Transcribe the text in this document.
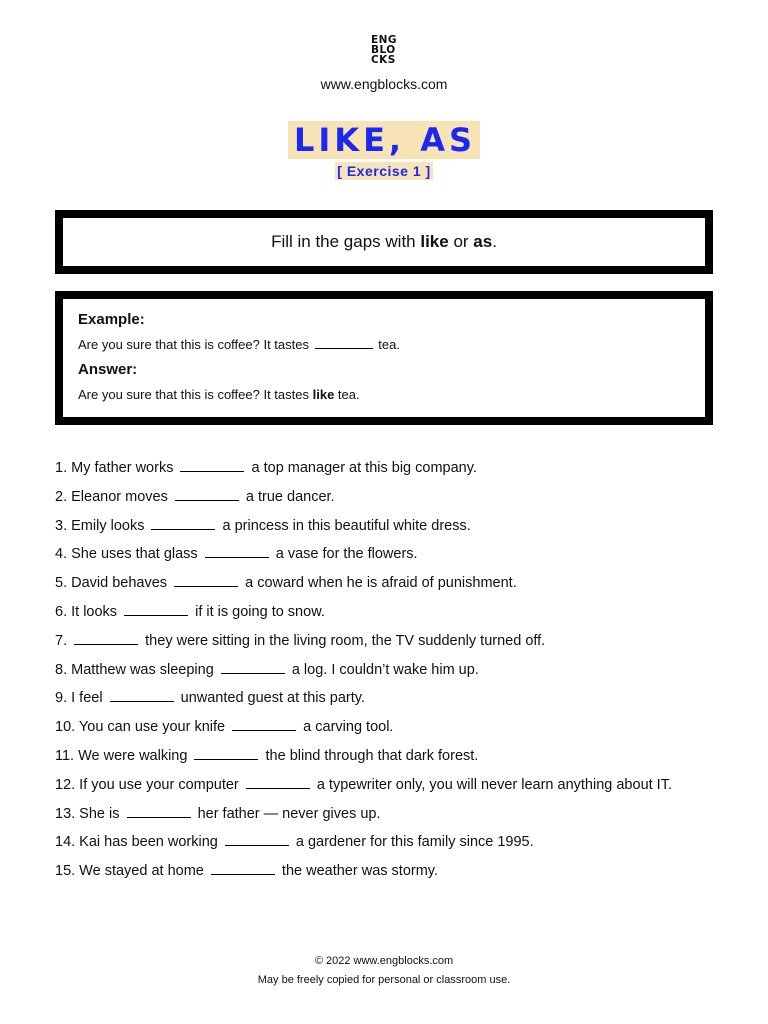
ENG
BLO
CKS
www.engblocks.com
LIKE, AS
[ Exercise 1 ]
Fill in the gaps with like or as.

Example:

Are you sure that this is coffee? It tastes	tea.

Answer:

Are you sure that this is coffee? It tastes like tea.

1. My father works	a top manager at this big company.
2. Eleanor moves	a true dancer.
3. Emily looks	a princess in this beautiful white dress.
4. She uses that glass	a vase for the flowers.
5. David behaves	a coward when he is afraid of punishment.
6. It looks	if it is going to snow.
7.	they were sitting in the living room, the TV suddenly turned off.
8. Matthew was sleeping	a log. I couldn’t wake him up.
9. I feel	unwanted guest at this party.
10. You can use your knife	a carving tool.
11. We were walking	the blind through that dark forest.
12. If you use your computer	a typewriter only, you will never learn anything about IT.
13. She is	her father — never gives up.
14. Kai has been working	a gardener for this family since 1995.
15. We stayed at home	the weather was stormy.
© 2022 www.engblocks.com
May be freely copied for personal or classroom use.
